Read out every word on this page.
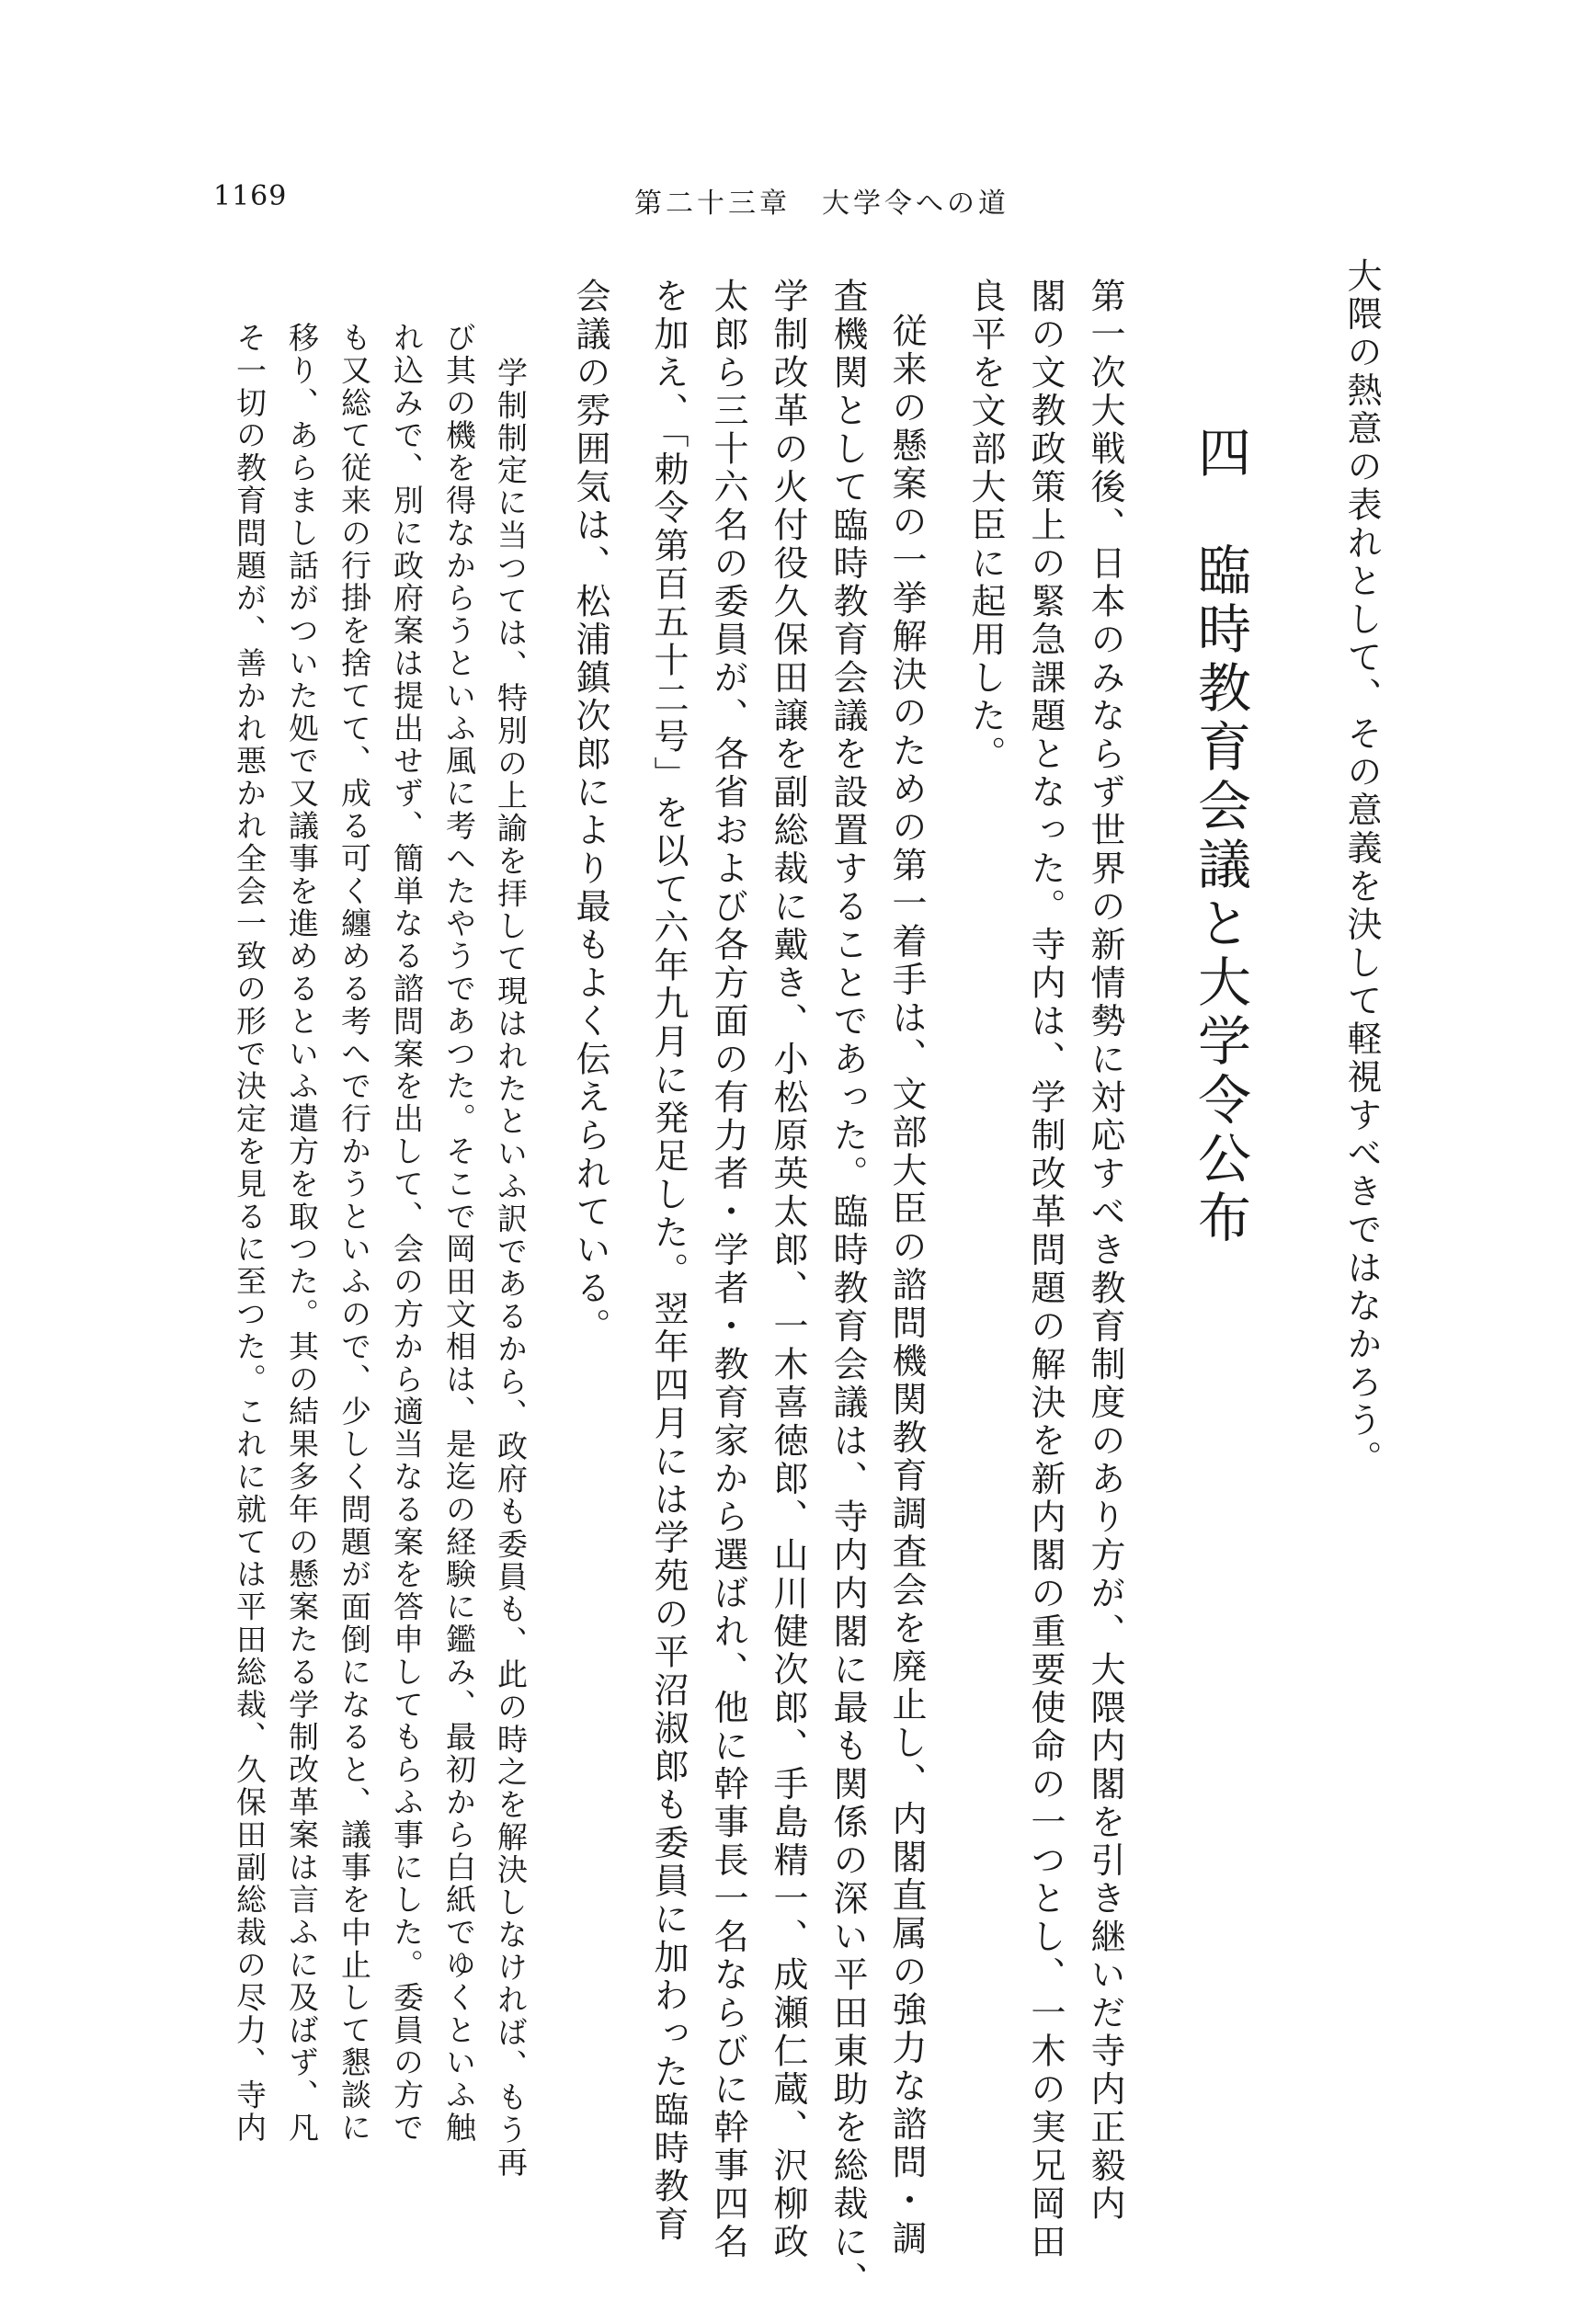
1169	第二十三章　大学令への道
大隈の熱意の表れとして、その意義を決して軽視すべきではなかろう。
四　臨時教育会議と大学令公布
第一次大戦後、日本のみならず世界の新情勢に対応すべき教育制度のあり方が、大隈内閣を引き継いだ寺内正毅内
閣の文教政策上の緊急課題となった。寺内は、学制改革問題の解決を新内閣の重要使命の一つとし、一木の実兄岡田
良平を文部大臣に起用した。
従来の懸案の一挙解決のための第一着手は、文部大臣の諮問機関教育調査会を廃止し、内閣直属の強力な諮問・調
査機関として臨時教育会議を設置することであった。臨時教育会議は、寺内内閣に最も関係の深い平田東助を総裁に、
学制改革の火付役久保田譲を副総裁に戴き、小松原英太郎、一木喜徳郎、山川健次郎、手島精一、成瀬仁蔵、沢柳政
太郎ら三十六名の委員が、各省および各方面の有力者・学者・教育家から選ばれ、他に幹事長一名ならびに幹事四名
を加え、「勅令第百五十二号」を以て六年九月に発足した。翌年四月には学苑の平沼淑郎も委員に加わった臨時教育
会議の雰囲気は、松浦鎮次郎により最もよく伝えられている。
学制制定に当つては、特別の上諭を拝して現はれたといふ訳であるから、政府も委員も、此の時之を解決しなければ、もう再
び其の機を得なからうといふ風に考へたやうであつた。そこで岡田文相は、是迄の経験に鑑み、最初から白紙でゆくといふ触
れ込みで、別に政府案は提出せず、簡単なる諮問案を出して、会の方から適当なる案を答申してもらふ事にした。委員の方で
も又総て従来の行掛を捨てて、成る可く纏める考へで行かうといふので、少しく問題が面倒になると、議事を中止して懇談に
移り、あらまし話がついた処で又議事を進めるといふ遣方を取つた。其の結果多年の懸案たる学制改革案は言ふに及ばず、凡
そ一切の教育問題が、善かれ悪かれ全会一致の形で決定を見るに至つた。これに就ては平田総裁、久保田副総裁の尽力、寺内
